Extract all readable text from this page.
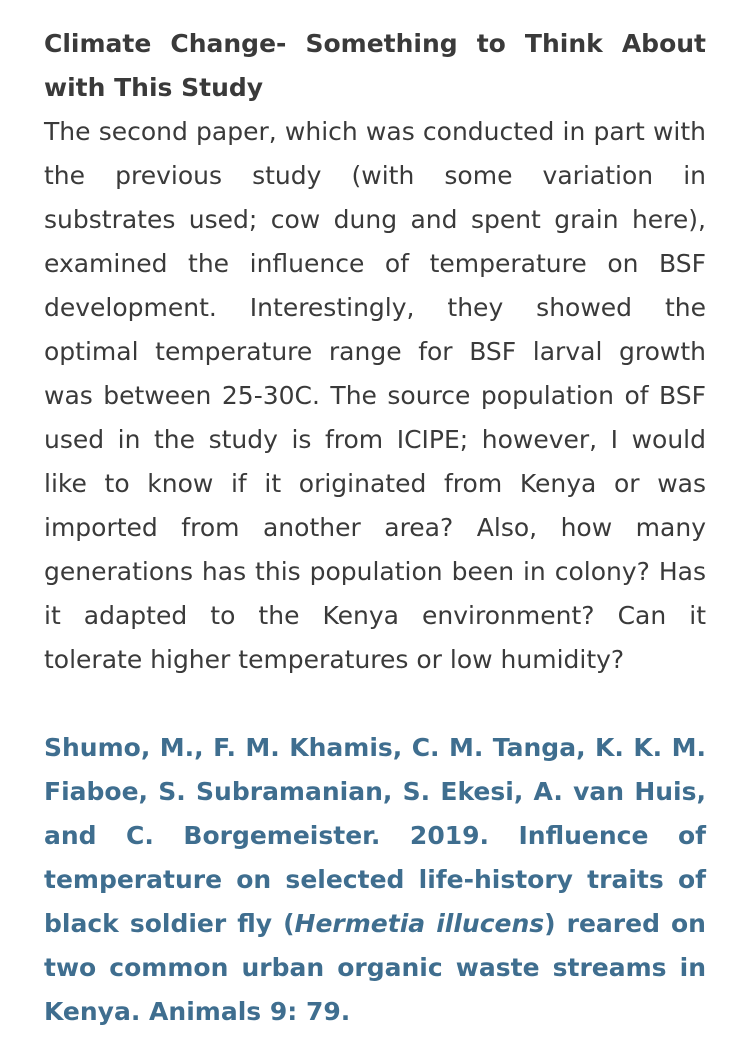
Climate Change- Something to Think About with This Study

The second paper, which was conducted in part with the previous study (with some variation in substrates used; cow dung and spent grain here), examined the influence of temperature on BSF development. Interestingly, they showed the optimal temperature range for BSF larval growth was between 25-30C. The source population of BSF used in the study is from ICIPE; however, I would like to know if it originated from Kenya or was imported from another area? Also, how many generations has this population been in colony? Has it adapted to the Kenya environment? Can it tolerate higher temperatures or low humidity?

Shumo, M., F. M. Khamis, C. M. Tanga, K. K. M. Fiaboe, S. Subramanian, S. Ekesi, A. van Huis, and C. Borgemeister. 2019. Influence of temperature on selected life-history traits of black soldier fly (Hermetia illucens) reared on two common urban organic waste streams in Kenya. Animals 9: 79.
